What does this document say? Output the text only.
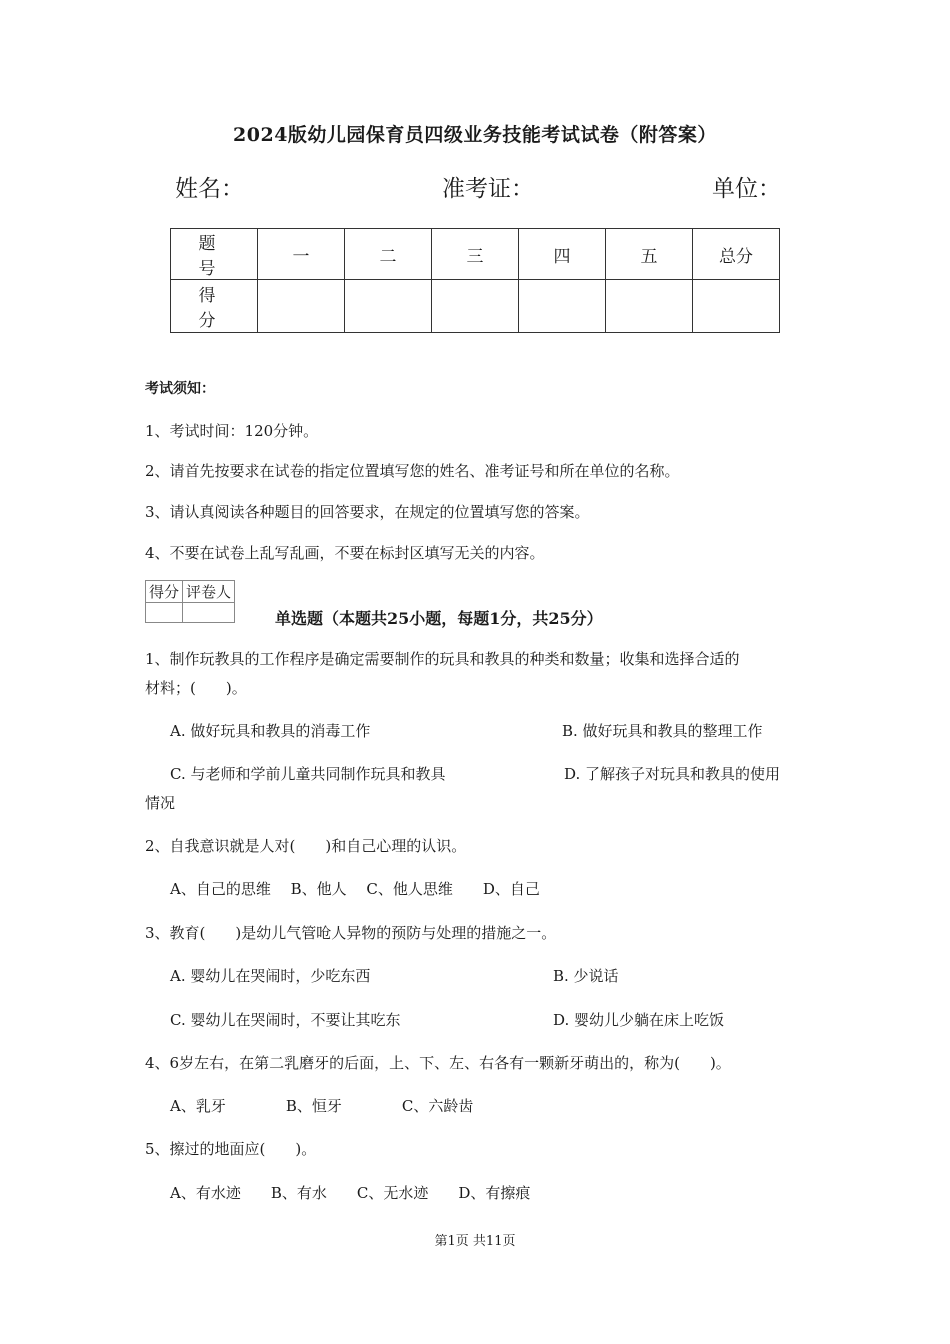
2024版幼儿园保育员四级业务技能考试试卷（附答案）
姓名：	准考证：	单位：
题　号	一	二	三	四	五	总分
得　分						
考试须知：
1、考试时间：120分钟。
2、请首先按要求在试卷的指定位置填写您的姓名、准考证号和所在单位的名称。
3、请认真阅读各种题目的回答要求，在规定的位置填写您的答案。
4、不要在试卷上乱写乱画，不要在标封区填写无关的内容。
得分	评卷人

单选题（本题共25小题，每题1分，共25分）
1、制作玩教具的工作程序是确定需要制作的玩具和教具的种类和数量；收集和选择合适的
材料；(　　)。
A. 做好玩具和教具的消毒工作	B. 做好玩具和教具的整理工作
C. 与老师和学前儿童共同制作玩具和教具	D. 了解孩子对玩具和教具的使用
情况
2、自我意识就是人对(　　)和自己心理的认识。
A、自己的思维　 B、他人　 C、他人思维　　D、自己
3、教育(　　)是幼儿气管呛人异物的预防与处理的措施之一。
A. 婴幼儿在哭闹时，少吃东西	B. 少说话
C. 婴幼儿在哭闹时，不要让其吃东	D. 婴幼儿少躺在床上吃饭
4、6岁左右，在第二乳磨牙的后面，上、下、左、右各有一颗新牙萌出的，称为(　　)。
A、乳牙　　　　B、恒牙　　　　C、六龄齿
5、擦过的地面应(　　)。
A、有水迹　　B、有水　　C、无水迹　　D、有擦痕
第1页 共11页
